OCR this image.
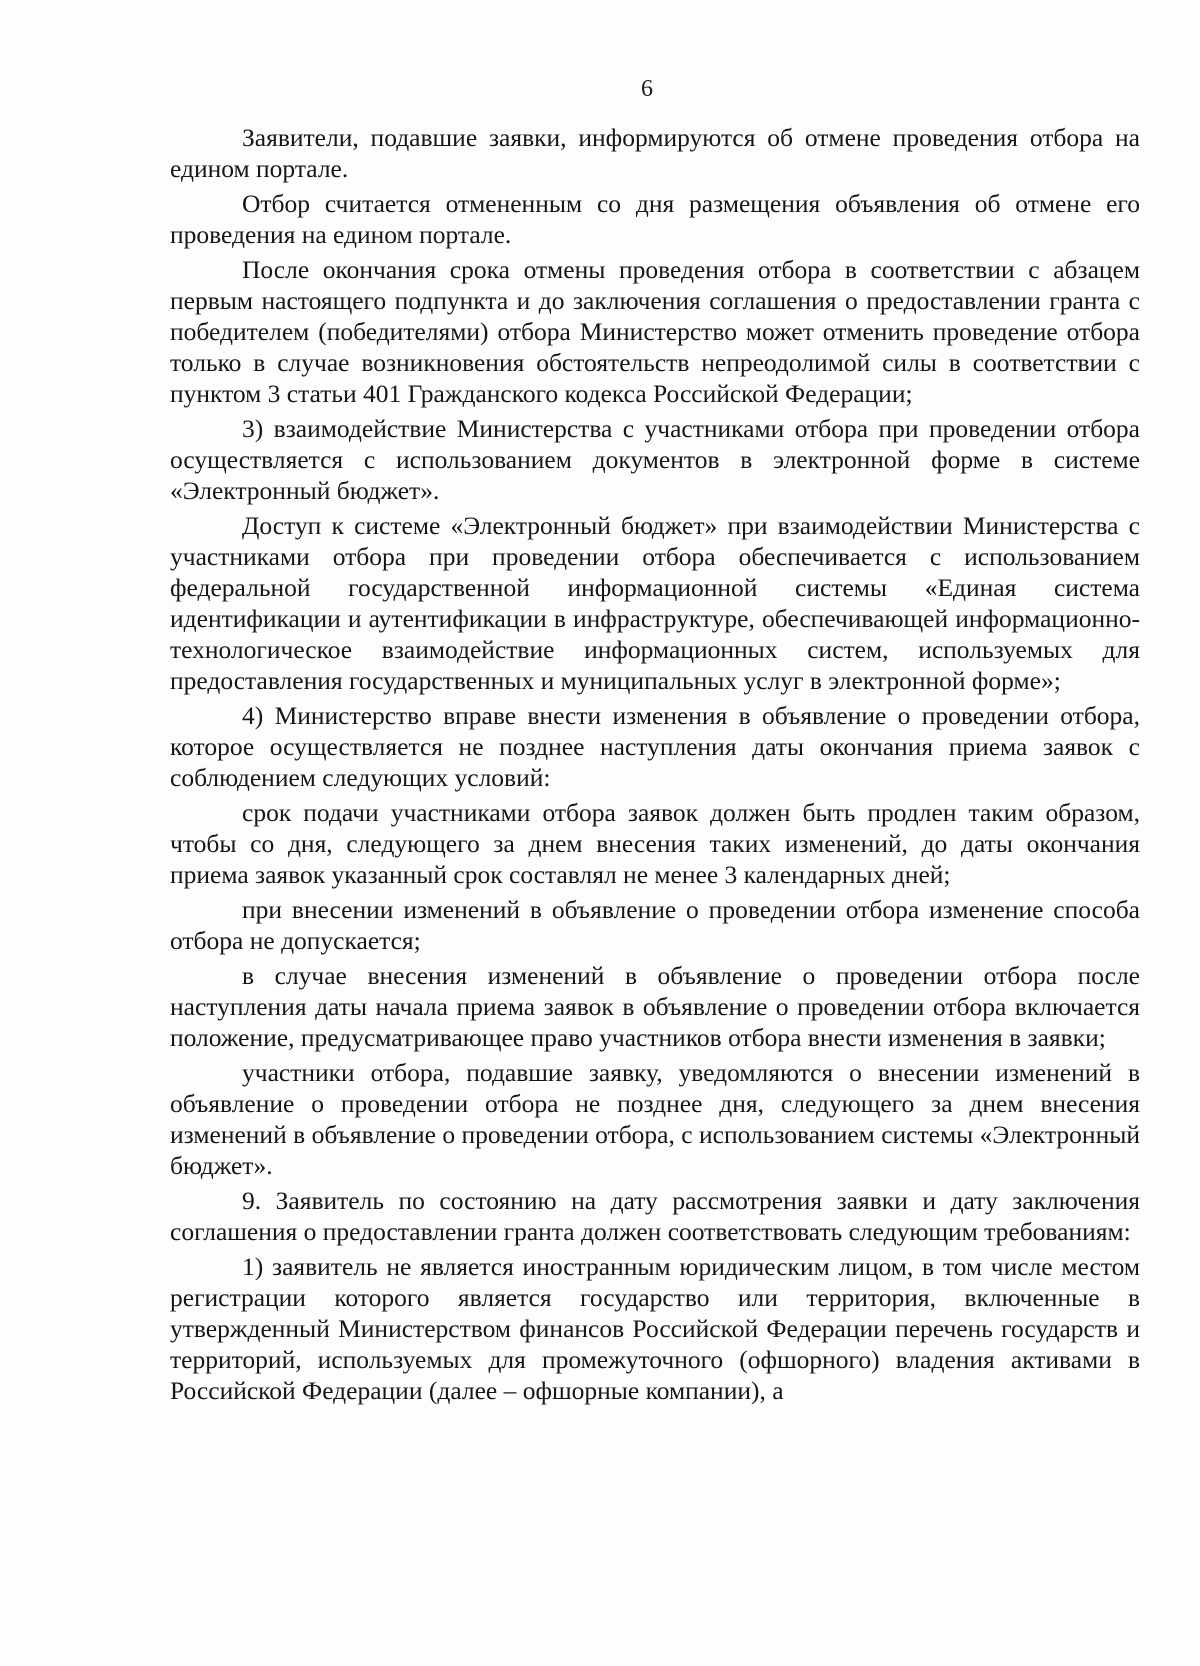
6

Заявители, подавшие заявки, информируются об отмене проведения отбора на едином портале.

Отбор считается отмененным со дня размещения объявления об отмене его проведения на едином портале.

После окончания срока отмены проведения отбора в соответствии с абзацем первым настоящего подпункта и до заключения соглашения о предоставлении гранта с победителем (победителями) отбора Министерство может отменить проведение отбора только в случае возникновения обстоятельств непреодолимой силы в соответствии с пунктом 3 статьи 401 Гражданского кодекса Российской Федерации;

3) взаимодействие Министерства с участниками отбора при проведении отбора осуществляется с использованием документов в электронной форме в системе «Электронный бюджет».

Доступ к системе «Электронный бюджет» при взаимодействии Министерства с участниками отбора при проведении отбора обеспечивается с использованием федеральной государственной информационной системы «Единая система идентификации и аутентификации в инфраструктуре, обеспечивающей информационно-технологическое взаимодействие информационных систем, используемых для предоставления государственных и муниципальных услуг в электронной форме»;

4) Министерство вправе внести изменения в объявление о проведении отбора, которое осуществляется не позднее наступления даты окончания приема заявок с соблюдением следующих условий:

срок подачи участниками отбора заявок должен быть продлен таким образом, чтобы со дня, следующего за днем внесения таких изменений, до даты окончания приема заявок указанный срок составлял не менее 3 календарных дней;

при внесении изменений в объявление о проведении отбора изменение способа отбора не допускается;

в случае внесения изменений в объявление о проведении отбора после наступления даты начала приема заявок в объявление о проведении отбора включается положение, предусматривающее право участников отбора внести изменения в заявки;

участники отбора, подавшие заявку, уведомляются о внесении изменений в объявление о проведении отбора не позднее дня, следующего за днем внесения изменений в объявление о проведении отбора, с использованием системы «Электронный бюджет».

9. Заявитель по состоянию на дату рассмотрения заявки и дату заключения соглашения о предоставлении гранта должен соответствовать следующим требованиям:

1) заявитель не является иностранным юридическим лицом, в том числе местом регистрации которого является государство или территория, включенные в утвержденный Министерством финансов Российской Федерации перечень государств и территорий, используемых для промежуточного (офшорного) владения активами в Российской Федерации (далее – офшорные компании), а
